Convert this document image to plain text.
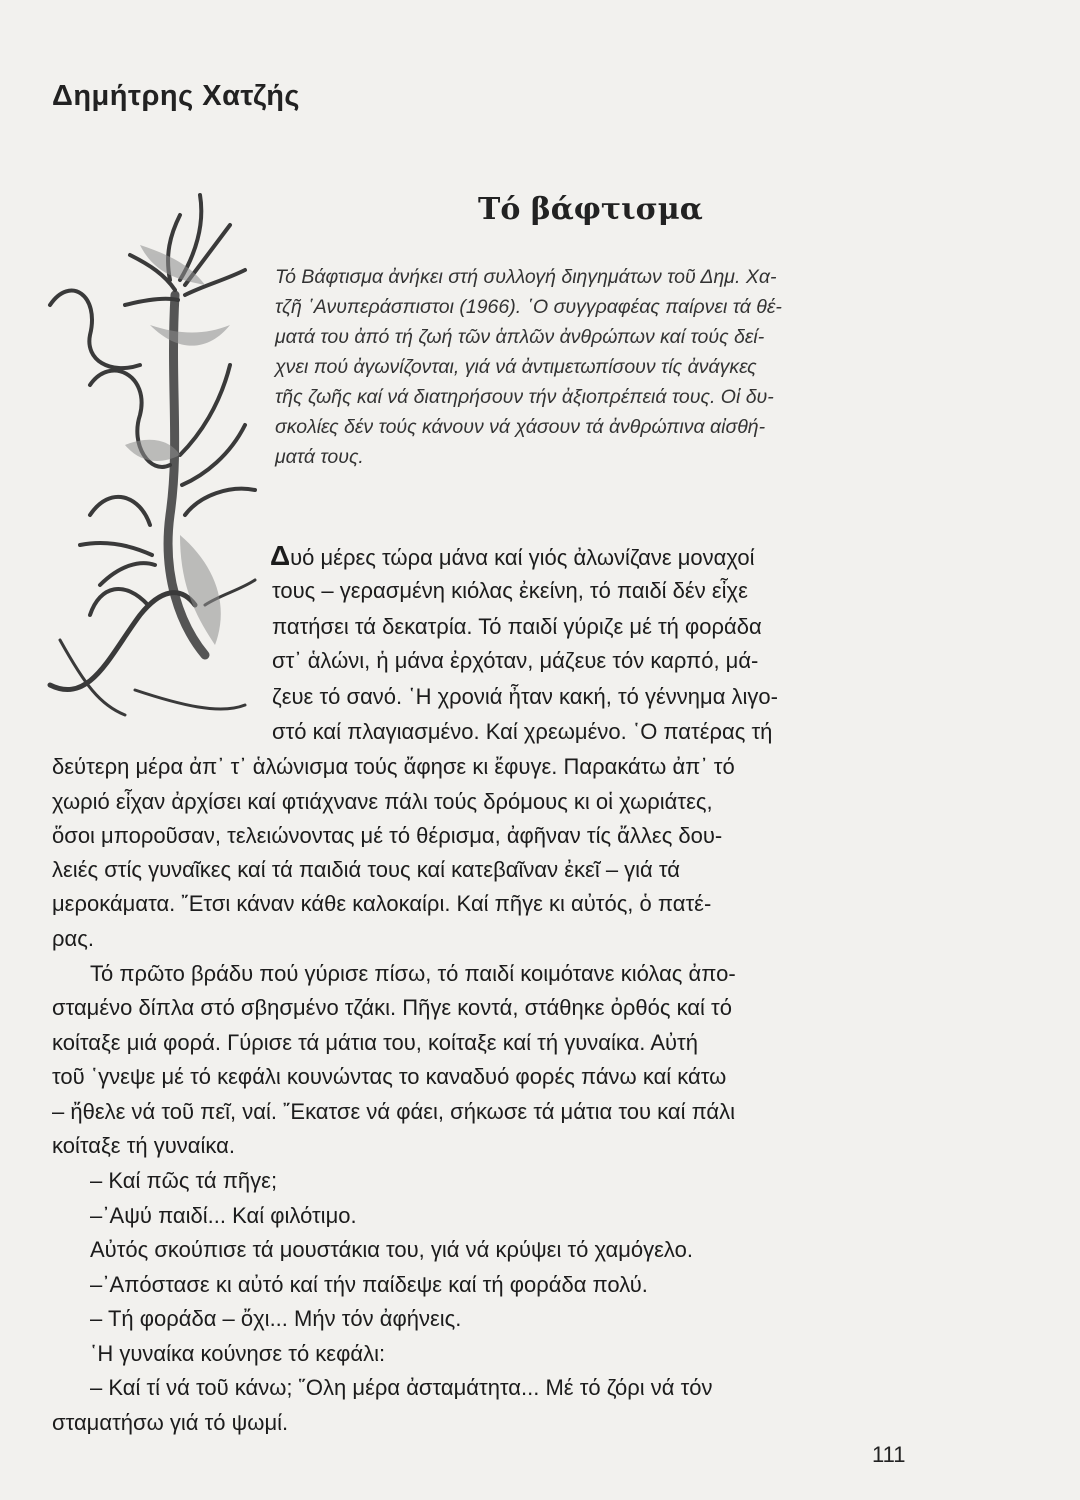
Δημήτρης Χατζής
Τό βάφτισμα
Τό Βάφτισμα ἀνήκει στή συλλογή διηγημάτων τοῦ Δημ. Χα-
τζῆ ῾Ανυπεράσπιστοι (1966). ῾Ο συγγραφέας παίρνει τά θέ-
ματά του ἀπό τή ζωή τῶν ἁπλῶν ἀνθρώπων καί τούς δεί-
χνει πού ἀγωνίζονται, γιά νά ἀντιμετωπίσουν τίς ἀνάγκες
τῆς ζωῆς καί νά διατηρήσουν τήν ἀξιοπρέπειά τους. Οἱ δυ-
σκολίες δέν τούς κάνουν νά χάσουν τά ἀνθρώπινα αἰσθή-
ματά τους.
Δυό μέρες τώρα μάνα καί γιός ἀλωνίζανε μοναχοί
τους – γερασμένη κιόλας ἐκείνη, τό παιδί δέν εἶχε
πατήσει τά δεκατρία. Τό παιδί γύριζε μέ τή φοράδα
στ᾿ ἁλώνι, ἡ μάνα ἐρχόταν, μάζευε τόν καρπό, μά-
ζευε τό σανό. ῾Η χρονιά ἦταν κακή, τό γέννημα λιγο-
στό καί πλαγιασμένο. Καί χρεωμένο. ῾Ο πατέρας τή
δεύτερη μέρα ἀπ᾿ τ᾿ ἁλώνισμα τούς ἄφησε κι ἔφυγε. Παρακάτω ἀπ᾿ τό
χωριό εἶχαν ἀρχίσει καί φτιάχνανε πάλι τούς δρόμους κι οἱ χωριάτες,
ὅσοι μποροῦσαν, τελειώνοντας μέ τό θέρισμα, ἀφῆναν τίς ἄλλες δου-
λειές στίς γυναῖκες καί τά παιδιά τους καί κατεβαῖναν ἐκεῖ – γιά τά
μεροκάματα. ῎Ετσι κάναν κάθε καλοκαίρι. Καί πῆγε κι αὐτός, ὁ πατέ-
ρας.
Τό πρῶτο βράδυ πού γύρισε πίσω, τό παιδί κοιμότανε κιόλας ἀπο-
σταμένο δίπλα στό σβησμένο τζάκι. Πῆγε κοντά, στάθηκε ὀρθός καί τό
κοίταξε μιά φορά. Γύρισε τά μάτια του, κοίταξε καί τή γυναίκα. Αὐτή
τοῦ ῾γνεψε μέ τό κεφάλι κουνώντας το καναδυό φορές πάνω καί κάτω
– ἤθελε νά τοῦ πεῖ, ναί. ῎Εκατσε νά φάει, σήκωσε τά μάτια του καί πάλι
κοίταξε τή γυναίκα.
– Καί πῶς τά πῆγε;
–᾿Αψύ παιδί... Καί φιλότιμο.
Αὐτός σκούπισε τά μουστάκια του, γιά νά κρύψει τό χαμόγελο.
–᾿Απόστασε κι αὐτό καί τήν παίδεψε καί τή φοράδα πολύ.
– Τή φοράδα – ὄχι... Μήν τόν ἀφήνεις.
῾Η γυναίκα κούνησε τό κεφάλι:
– Καί τί νά τοῦ κάνω; ῞Ολη μέρα ἀσταμάτητα... Μέ τό ζόρι νά τόν
σταματήσω γιά τό ψωμί.
111
